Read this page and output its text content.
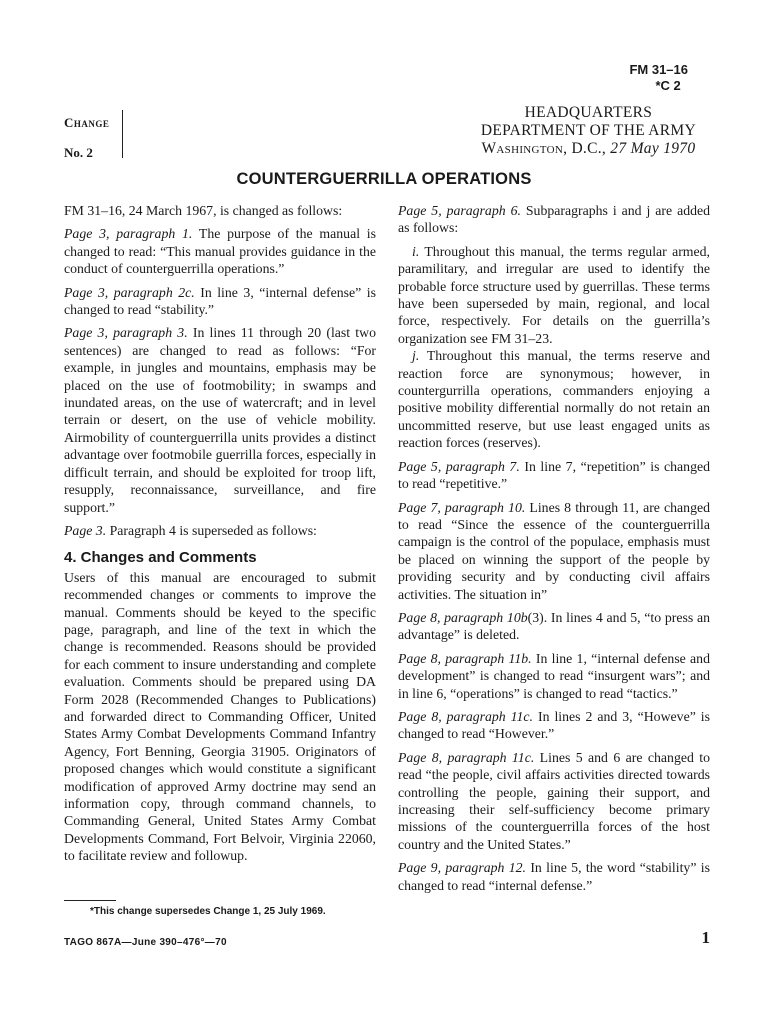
FM 31–16
*C 2
Change
No. 2
HEADQUARTERS
DEPARTMENT OF THE ARMY
Washington, D.C., 27 May 1970
COUNTERGUERRILLA OPERATIONS

FM 31–16, 24 March 1967, is changed as follows:

Page 3, paragraph 1. The purpose of the manual is changed to read: “This manual provides guidance in the conduct of counterguerrilla operations.”

Page 3, paragraph 2c. In line 3, “internal defense” is changed to read “stability.”

Page 3, paragraph 3. In lines 11 through 20 (last two sentences) are changed to read as follows: “For example, in jungles and mountains, emphasis may be placed on the use of footmobility; in swamps and inundated areas, on the use of watercraft; and in level terrain or desert, on the use of vehicle mobility. Airmobility of counterguerrilla units provides a distinct advantage over footmobile guerrilla forces, especially in difficult terrain, and should be exploited for troop lift, resupply, reconnaissance, surveillance, and fire support.”

Page 3. Paragraph 4 is superseded as follows:

4. Changes and Comments

Users of this manual are encouraged to submit recommended changes or comments to improve the manual. Comments should be keyed to the specific page, paragraph, and line of the text in which the change is recommended. Reasons should be provided for each comment to insure understanding and complete evaluation. Comments should be prepared using DA Form 2028 (Recommended Changes to Publications) and forwarded direct to Commanding Officer, United States Army Combat Developments Command Infantry Agency, Fort Benning, Georgia 31905. Originators of proposed changes which would constitute a significant modification of approved Army doctrine may send an information copy, through command channels, to Commanding General, United States Army Combat Developments Command, Fort Belvoir, Virginia 22060, to facilitate review and followup.

Page 5, paragraph 6. Subparagraphs i and j are added as follows:

i. Throughout this manual, the terms regular armed, paramilitary, and irregular are used to identify the probable force structure used by guerrillas. These terms have been superseded by main, regional, and local force, respectively. For details on the guerrilla’s organization see FM 31–23.

j. Throughout this manual, the terms reserve and reaction force are synonymous; however, in countergurrilla operations, commanders enjoying a positive mobility differential normally do not retain an uncommitted reserve, but use least engaged units as reaction forces (reserves).

Page 5, paragraph 7. In line 7, “repetition” is changed to read “repetitive.”

Page 7, paragraph 10. Lines 8 through 11, are changed to read “Since the essence of the counterguerrilla campaign is the control of the populace, emphasis must be placed on winning the support of the people by providing security and by conducting civil affairs activities. The situation in”

Page 8, paragraph 10b(3). In lines 4 and 5, “to press an advantage” is deleted.

Page 8, paragraph 11b. In line 1, “internal defense and development” is changed to read “insurgent wars”; and in line 6, “operations” is changed to read “tactics.”

Page 8, paragraph 11c. In lines 2 and 3, “Howeve” is changed to read “However.”

Page 8, paragraph 11c. Lines 5 and 6 are changed to read “the people, civil affairs activities directed towards controlling the people, gaining their support, and increasing their self-sufficiency become primary missions of the counterguerrilla forces of the host country and the United States.”

Page 9, paragraph 12. In line 5, the word “stability” is changed to read “internal defense.”

*This change supersedes Change 1, 25 July 1969.
TAGO 867A—June 390–476°—70	1
